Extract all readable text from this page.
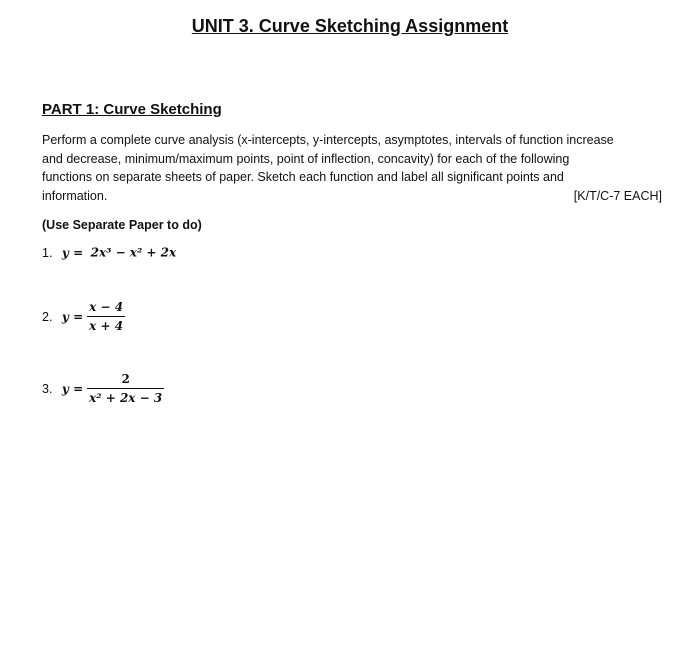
UNIT 3. Curve Sketching Assignment
PART 1: Curve Sketching
Perform a complete curve analysis (x-intercepts, y-intercepts, asymptotes, intervals of function increase
and decrease, minimum/maximum points, point of inflection, concavity) for each of the following
functions on separate sheets of paper. Sketch each function and label all significant points and
information.	[K/T/C-7 EACH]
(Use Separate Paper to do)
1. y = 2x³ − x² + 2x
2. $y = \frac{x - 4}{x + 4}$
3. $y = \frac{2}{\text{x² + 2x − 3}}$
